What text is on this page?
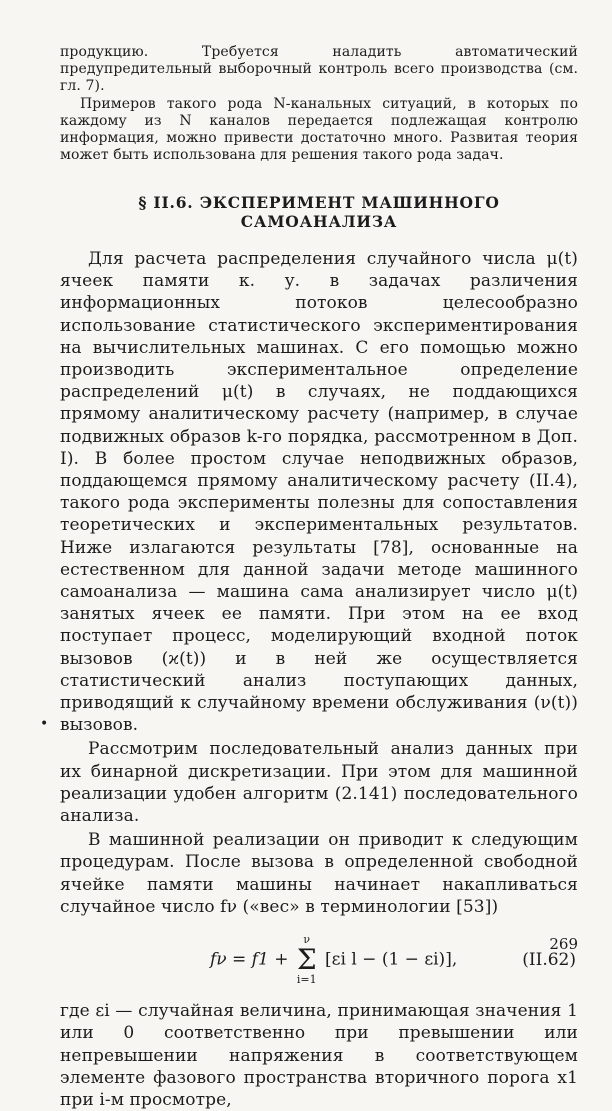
продукцию. Требуется наладить автоматический предупредительный выборочный контроль всего производства (см. гл. 7).

Примеров такого рода N-канальных ситуаций, в которых по каждому из N каналов передается подлежащая контролю информация, можно привести достаточно много. Развитая теория может быть использована для решения такого рода задач.

§ II.6. ЭКСПЕРИМЕНТ МАШИННОГО САМОАНАЛИЗА

Для расчета распределения случайного числа μ(t) ячеек памяти к. у. в задачах различения информационных потоков целесообразно использование статистического экспериментирования на вычислительных машинах. С его помощью можно производить экспериментальное определение распределений μ(t) в случаях, не поддающихся прямому аналитическому расчету (например, в случае подвижных образов k-го порядка, рассмотренном в Доп. I). В более простом случае неподвижных образов, поддающемся прямому аналитическому расчету (II.4), такого рода эксперименты полезны для сопоставления теоретических и экспериментальных результатов. Ниже излагаются результаты [78], основанные на естественном для данной задачи методе машинного самоанализа — машина сама анализирует число μ(t) занятых ячеек ее памяти. При этом на ее вход поступает процесс, моделирующий входной поток вызовов (ϰ(t)) и в ней же осуществляется статистический анализ поступающих данных, приводящий к случайному времени обслуживания (ν(t)) вызовов.

Рассмотрим последовательный анализ данных при их бинарной дискретизации. При этом для машинной реализации удобен алгоритм (2.141) последовательного анализа.

В машинной реализации он приводит к следующим процедурам. После вызова в определенной свободной ячейке памяти машины начинает накапливаться случайное число fν («вес» в терминологии [53])

fν = f1 +
ν
Σ
i=1
[εi l − (1 − εi)],	(II.62)

где εi — случайная величина, принимающая значения 1 или 0 соответственно при превышении или непревышении напряжения в соответствующем элементе фазового пространства вторичного порога x1 при i-м просмотре,

•
269
